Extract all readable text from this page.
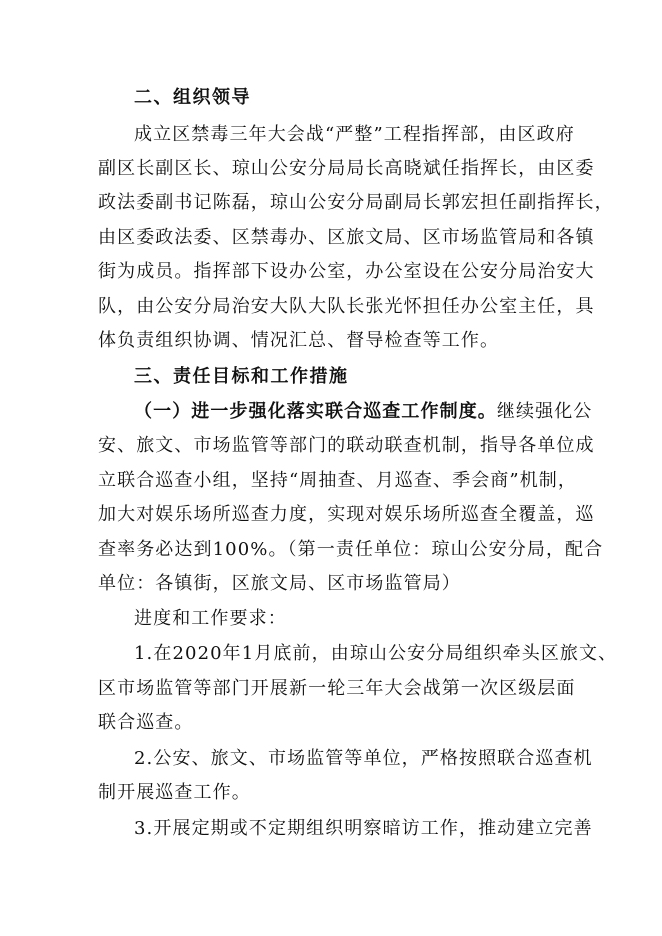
二、组织领导
成立区禁毒三年大会战“严整”工程指挥部，由区政府
副区长副区长、琼山公安分局局长高晓斌任指挥长，由区委
政法委副书记陈磊，琼山公安分局副局长郭宏担任副指挥长，
由区委政法委、区禁毒办、区旅文局、区市场监管局和各镇
街为成员。指挥部下设办公室，办公室设在公安分局治安大
队，由公安分局治安大队大队长张光怀担任办公室主任，具
体负责组织协调、情况汇总、督导检查等工作。
三、责任目标和工作措施
（一）进一步强化落实联合巡查工作制度。继续强化公
安、旅文、市场监管等部门的联动联查机制，指导各单位成
立联合巡查小组，坚持“周抽查、月巡查、季会商”机制，
加大对娱乐场所巡查力度，实现对娱乐场所巡查全覆盖，巡
查率务必达到100%。（第一责任单位：琼山公安分局，配合
单位：各镇街，区旅文局、区市场监管局）
进度和工作要求：
1.在2020年1月底前，由琼山公安分局组织牵头区旅文、
区市场监管等部门开展新一轮三年大会战第一次区级层面
联合巡查。
2.公安、旅文、市场监管等单位，严格按照联合巡查机
制开展巡查工作。
3.开展定期或不定期组织明察暗访工作，推动建立完善
